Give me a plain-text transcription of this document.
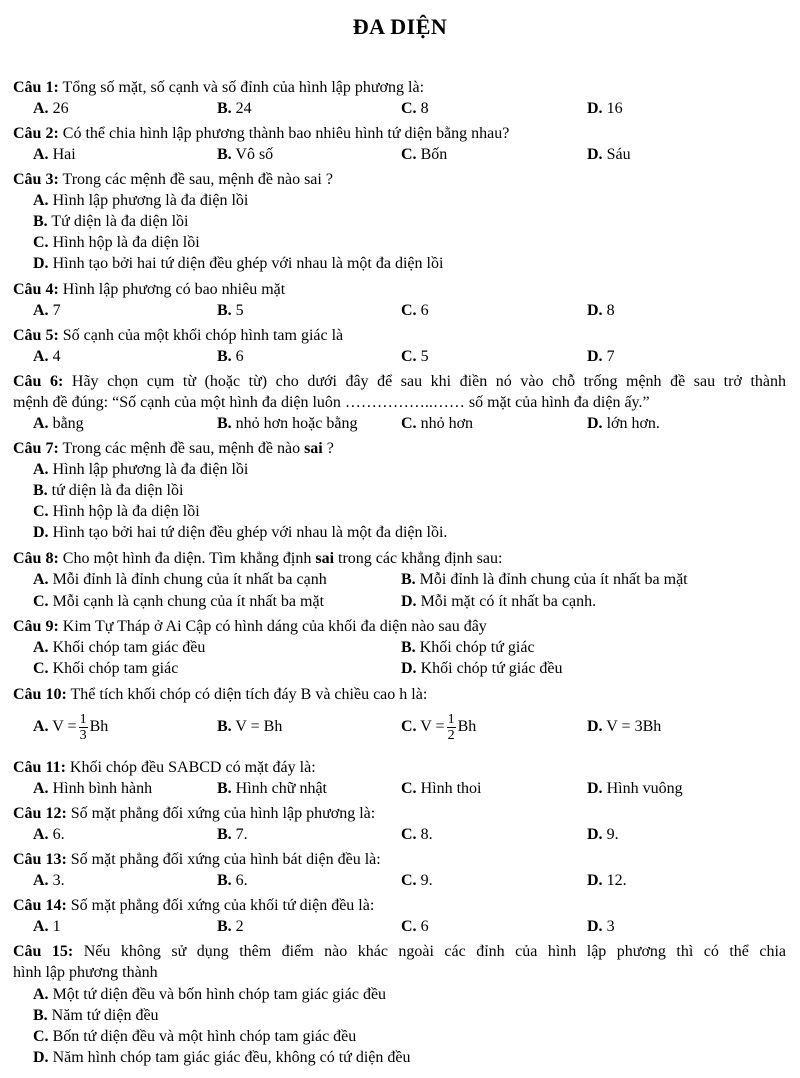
ĐA DIỆN
Câu 1: Tổng số mặt, số cạnh và số đỉnh của hình lập phương là:
A. 26	B. 24	C. 8	D. 16
Câu 2: Có thể chia hình lập phương thành bao nhiêu hình tứ diện bằng nhau?
A. Hai	B. Vô số	C. Bốn	D. Sáu
Câu 3: Trong các mệnh đề sau, mệnh đề nào sai ?
A. Hình lập phương là đa điện lồi
B. Tứ diện là đa diện lồi
C. Hình hộp là đa diện lồi
D. Hình tạo bởi hai tứ diện đều ghép với nhau là một đa diện lồi
Câu 4: Hình lập phương có bao nhiêu mặt
A. 7	B. 5	C. 6	D. 8
Câu 5: Số cạnh của một khối chóp hình tam giác là
A. 4	B. 6	C. 5	D. 7
Câu 6: Hãy chọn cụm từ (hoặc từ) cho dưới đây để sau khi điền nó vào chỗ trống mệnh đề sau trở thành
mệnh đề đúng: “Số cạnh của một hình đa diện luôn ……………..…… số mặt của hình đa diện ấy.”
A. bằng	B. nhỏ hơn hoặc bằng	C. nhỏ hơn	D. lớn hơn.
Câu 7: Trong các mệnh đề sau, mệnh đề nào sai ?
A. Hình lập phương là đa điện lồi
B. tứ diện là đa diện lồi
C. Hình hộp là đa diện lồi
D. Hình tạo bởi hai tứ diện đều ghép với nhau là một đa diện lồi.
Câu 8: Cho một hình đa diện. Tìm khẳng định sai trong các khẳng định sau:
A. Mỗi đỉnh là đỉnh chung của ít nhất ba cạnh	B. Mỗi đỉnh là đỉnh chung của ít nhất ba mặt
C. Mỗi cạnh là cạnh chung của ít nhất ba mặt	D. Mỗi mặt có ít nhất ba cạnh.
Câu 9: Kim Tự Tháp ở Ai Cập có hình dáng của khối đa diện nào sau đây
A. Khối chóp tam giác đều	B. Khối chóp tứ giác
C. Khối chóp tam giác	D. Khối chóp tứ giác đều
Câu 10: Thể tích khối chóp có diện tích đáy B và chiều cao h là:
A. $V = \frac{1}{3}$ Bh	B. V = Bh	C. $V = \frac{1}{2}$ Bh	D. V = 3Bh
Câu 11: Khối chóp đều SABCD có mặt đáy là:
A. Hình bình hành	B. Hình chữ nhật	C. Hình thoi	D. Hình vuông
Câu 12: Số mặt phẳng đối xứng của hình lập phương là:
A. 6.	B. 7.	C. 8.	D. 9.
Câu 13: Số mặt phẳng đối xứng của hình bát diện đều là:
A. 3.	B. 6.	C. 9.	D. 12.
Câu 14: Số mặt phẳng đối xứng của khối tứ diện đều là:
A. 1	B. 2	C. 6	D. 3
Câu 15: Nếu không sử dụng thêm điểm nào khác ngoài các đỉnh của hình lập phương thì có thể chia
hình lập phương thành
A. Một tứ diện đều và bốn hình chóp tam giác giác đều
B. Năm tứ diện đều
C. Bốn tứ diện đều và một hình chóp tam giác đều
D. Năm hình chóp tam giác giác đều, không có tứ diện đều
